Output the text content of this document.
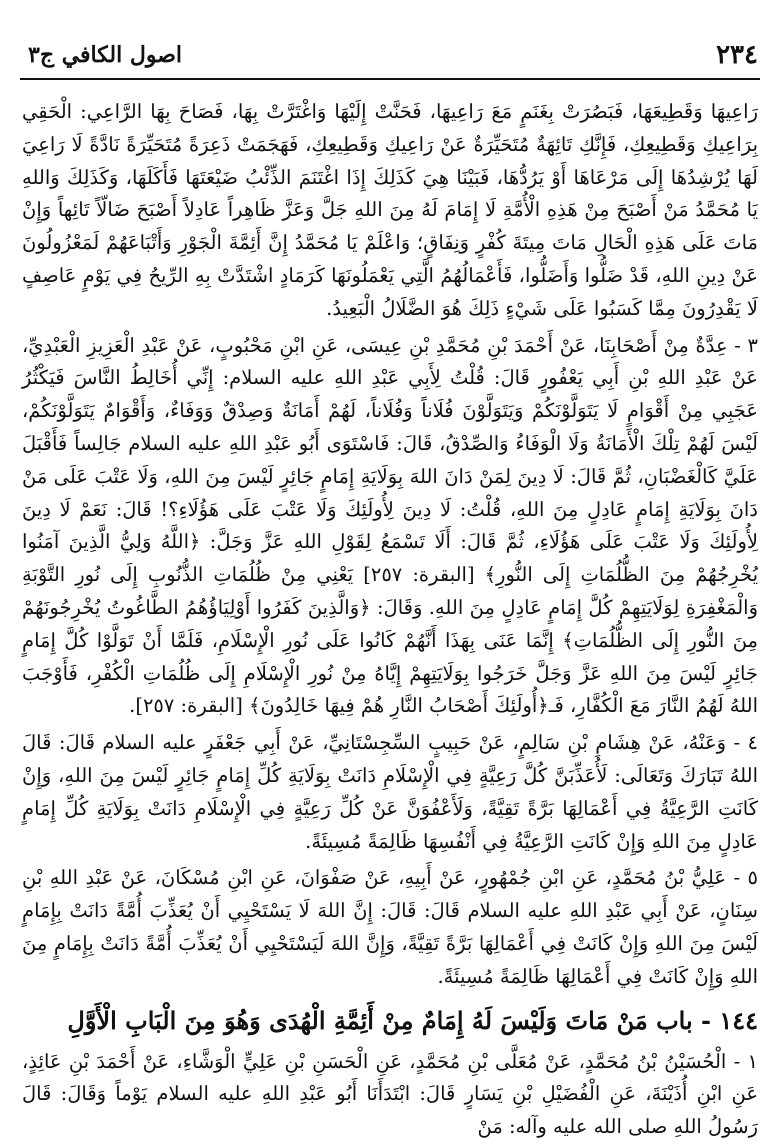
اصول الكافي ج٣	٢٣٤

رَاعِيهَا وَقَطِيعَهَا، فَبَصُرَتْ بِغَنَمٍ مَعَ رَاعِيهَا، فَحَنَّتْ إِلَيْهَا وَاغْتَرَّتْ بِهَا، فَصَاحَ بِهَا الرَّاعِي: الْحَقِي بِرَاعِيكِ وَقَطِيعِكِ، فَإِنَّكِ تَائِهَةٌ مُتَحَيِّرَةٌ عَنْ رَاعِيكِ وَقَطِيعِكِ، فَهَجَمَتْ ذَعِرَةً مُتَحَيِّرَةً نَادَّةً لَا رَاعِيَ لَهَا يُرْشِدُهَا إِلَى مَرْعَاهَا أَوْ يَرُدُّهَا، فَبَيْنَا هِيَ كَذَلِكَ إِذَا اغْتَنَمَ الذِّئْبُ ضَيْعَتَهَا فَأَكَلَهَا، وَكَذَلِكَ وَاللهِ يَا مُحَمَّدُ مَنْ أَصْبَحَ مِنْ هَذِهِ الْأُمَّةِ لَا إِمَامَ لَهُ مِنَ اللهِ جَلَّ وَعَزَّ ظَاهِراً عَادِلاً أَصْبَحَ ضَالّاً تَائِهاً وَإِنْ مَاتَ عَلَى هَذِهِ الْحَالِ مَاتَ مِيتَةَ كُفْرٍ وَنِفَاقٍ؛ وَاعْلَمْ يَا مُحَمَّدُ إِنَّ أَئِمَّةَ الْجَوْرِ وَأَتْبَاعَهُمْ لَمَعْزُولُونَ عَنْ دِينِ اللهِ، قَدْ ضَلُّوا وَأَضَلُّوا، فَأَعْمَالُهُمُ الَّتِي يَعْمَلُونَهَا كَرَمَادٍ اشْتَدَّتْ بِهِ الرِّيحُ فِي يَوْمٍ عَاصِفٍ لَا يَقْدِرُونَ مِمَّا كَسَبُوا عَلَى شَيْءٍ ذَلِكَ هُوَ الضَّلَالُ الْبَعِيدُ.

٣ - عِدَّةٌ مِنْ أَصْحَابِنَا، عَنْ أَحْمَدَ بْنِ مُحَمَّدِ بْنِ عِيسَى، عَنِ ابْنِ مَحْبُوبٍ، عَنْ عَبْدِ الْعَزِيزِ الْعَبْدِيِّ، عَنْ عَبْدِ اللهِ بْنِ أَبِي يَعْفُورٍ قَالَ: قُلْتُ لِأَبِي عَبْدِ اللهِ عليه السلام: إِنِّي أُخَالِطُ النَّاسَ فَيَكْثُرُ عَجَبِي مِنْ أَقْوَامٍ لَا يَتَوَلَّوْنَكُمْ وَيَتَوَلَّوْنَ فُلَاناً وَفُلَاناً، لَهُمْ أَمَانَةٌ وَصِدْقٌ وَوَفَاءٌ، وَأَقْوَامٌ يَتَوَلَّوْنَكُمْ، لَيْسَ لَهُمْ تِلْكَ الْأَمَانَةُ وَلَا الْوَفَاءُ وَالصِّدْقُ، قَالَ: فَاسْتَوَى أَبُو عَبْدِ اللهِ عليه السلام جَالِساً فَأَقْبَلَ عَلَيَّ كَالْغَضْبَانِ، ثُمَّ قَالَ: لَا دِينَ لِمَنْ دَانَ اللهَ بِوَلَايَةِ إِمَامٍ جَائِرٍ لَيْسَ مِنَ اللهِ، وَلَا عَتْبَ عَلَى مَنْ دَانَ بِوَلَايَةِ إِمَامٍ عَادِلٍ مِنَ اللهِ، قُلْتُ: لَا دِينَ لِأُولَئِكَ وَلَا عَتْبَ عَلَى هَؤُلَاءِ؟! قَالَ: نَعَمْ لَا دِينَ لِأُولَئِكَ وَلَا عَتْبَ عَلَى هَؤُلَاءِ، ثُمَّ قَالَ: أَلَا تَسْمَعُ لِقَوْلِ اللهِ عَزَّ وَجَلَّ: ﴿اللَّهُ وَلِيُّ الَّذِينَ آمَنُوا يُخْرِجُهُمْ مِنَ الظُّلُمَاتِ إِلَى النُّورِ﴾ [البقرة: ٢٥٧] يَعْنِي مِنْ ظُلُمَاتِ الذُّنُوبِ إِلَى نُورِ التَّوْبَةِ وَالْمَغْفِرَةِ لِوَلَايَتِهِمْ كُلَّ إِمَامٍ عَادِلٍ مِنَ اللهِ. وَقَالَ: ﴿وَالَّذِينَ كَفَرُوا أَوْلِيَاؤُهُمُ الطَّاغُوتُ يُخْرِجُونَهُمْ مِنَ النُّورِ إِلَى الظُّلُمَاتِ﴾ إِنَّمَا عَنَى بِهَذَا أَنَّهُمْ كَانُوا عَلَى نُورِ الْإِسْلَامِ، فَلَمَّا أَنْ تَوَلَّوْا كُلَّ إِمَامٍ جَائِرٍ لَيْسَ مِنَ اللهِ عَزَّ وَجَلَّ خَرَجُوا بِوَلَايَتِهِمْ إِيَّاهُ مِنْ نُورِ الْإِسْلَامِ إِلَى ظُلُمَاتِ الْكُفْرِ، فَأَوْجَبَ اللهُ لَهُمُ النَّارَ مَعَ الْكُفَّارِ، فَـ﴿أُولَئِكَ أَصْحَابُ النَّارِ هُمْ فِيهَا خَالِدُونَ﴾ [البقرة: ٢٥٧].

٤ - وَعَنْهُ، عَنْ هِشَامِ بْنِ سَالِمٍ، عَنْ حَبِيبٍ السِّجِسْتَانِيِّ، عَنْ أَبِي جَعْفَرٍ عليه السلام قَالَ: قَالَ اللهُ تَبَارَكَ وَتَعَالَى: لَأُعَذِّبَنَّ كُلَّ رَعِيَّةٍ فِي الْإِسْلَامِ دَانَتْ بِوَلَايَةِ كُلِّ إِمَامٍ جَائِرٍ لَيْسَ مِنَ اللهِ، وَإِنْ كَانَتِ الرَّعِيَّةُ فِي أَعْمَالِهَا بَرَّةً تَقِيَّةً، وَلَأَعْفُوَنَّ عَنْ كُلِّ رَعِيَّةٍ فِي الْإِسْلَامِ دَانَتْ بِوَلَايَةِ كُلِّ إِمَامٍ عَادِلٍ مِنَ اللهِ وَإِنْ كَانَتِ الرَّعِيَّةُ فِي أَنْفُسِهَا ظَالِمَةً مُسِيئَةً.

٥ - عَلِيُّ بْنُ مُحَمَّدٍ، عَنِ ابْنِ جُمْهُورٍ، عَنْ أَبِيهِ، عَنْ صَفْوَانَ، عَنِ ابْنِ مُسْكَانَ، عَنْ عَبْدِ اللهِ بْنِ سِنَانٍ، عَنْ أَبِي عَبْدِ اللهِ عليه السلام قَالَ: قَالَ: إِنَّ اللهَ لَا يَسْتَحْيِي أَنْ يُعَذِّبَ أُمَّةً دَانَتْ بِإِمَامٍ لَيْسَ مِنَ اللهِ وَإِنْ كَانَتْ فِي أَعْمَالِهَا بَرَّةً تَقِيَّةً، وَإِنَّ اللهَ لَيَسْتَحْيِي أَنْ يُعَذِّبَ أُمَّةً دَانَتْ بِإِمَامٍ مِنَ اللهِ وَإِنْ كَانَتْ فِي أَعْمَالِهَا ظَالِمَةً مُسِيئَةً.

١٤٤ - باب مَنْ مَاتَ وَلَيْسَ لَهُ إِمَامٌ مِنْ أَئِمَّةِ الْهُدَى وَهُوَ مِنَ الْبَابِ الْأَوَّلِ

١ - الْحُسَيْنُ بْنُ مُحَمَّدٍ، عَنْ مُعَلَّى بْنِ مُحَمَّدٍ، عَنِ الْحَسَنِ بْنِ عَلِيٍّ الْوَشَّاءِ، عَنْ أَحْمَدَ بْنِ عَائِذٍ، عَنِ ابْنِ أُذَيْنَةَ، عَنِ الْفُضَيْلِ بْنِ يَسَارٍ قَالَ: ابْتَدَأَنَا أَبُو عَبْدِ اللهِ عليه السلام يَوْماً وَقَالَ: قَالَ رَسُولُ اللهِ صلى الله عليه وآله: مَنْ
